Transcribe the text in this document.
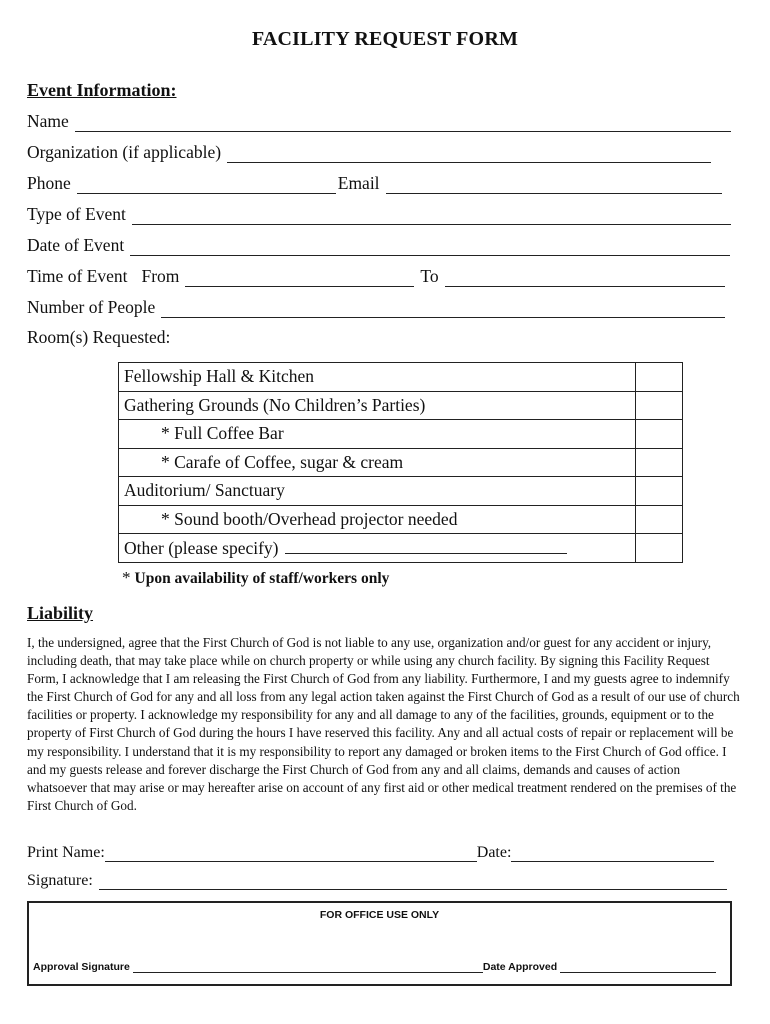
FACILITY REQUEST FORM
Event Information:
Name
Organization (if applicable)
Phone	Email
Type of Event
Date of Event
Time of Event From	To
Number of People
Room(s) Requested:
Fellowship Hall & Kitchen	
Gathering Grounds (No Children’s Parties)	
* Full Coffee Bar	
* Carafe of Coffee, sugar & cream	
Auditorium/ Sanctuary	
* Sound booth/Overhead projector needed	
Other (please specify)	
* Upon availability of staff/workers only
Liability
I, the undersigned, agree that the First Church of God is not liable to any use, organization and/or guest for any accident or injury, including death, that may take place while on church property or while using any church facility. By signing this Facility Request Form, I acknowledge that I am releasing the First Church of God from any liability. Furthermore, I and my guests agree to indemnify the First Church of God for any and all loss from any legal action taken against the First Church of God as a result of our use of church facilities or property. I acknowledge my responsibility for any and all damage to any of the facilities, grounds, equipment or to the property of First Church of God during the hours I have reserved this facility. Any and all actual costs of repair or replacement will be my responsibility. I understand that it is my responsibility to report any damaged or broken items to the First Church of God office. I and my guests release and forever discharge the First Church of God from any and all claims, demands and causes of action whatsoever that may arise or may hereafter arise on account of any first aid or other medical treatment rendered on the premises of the First Church of God.
Print Name:	Date:
Signature:
FOR OFFICE USE ONLY
Approval Signature	Date Approved
